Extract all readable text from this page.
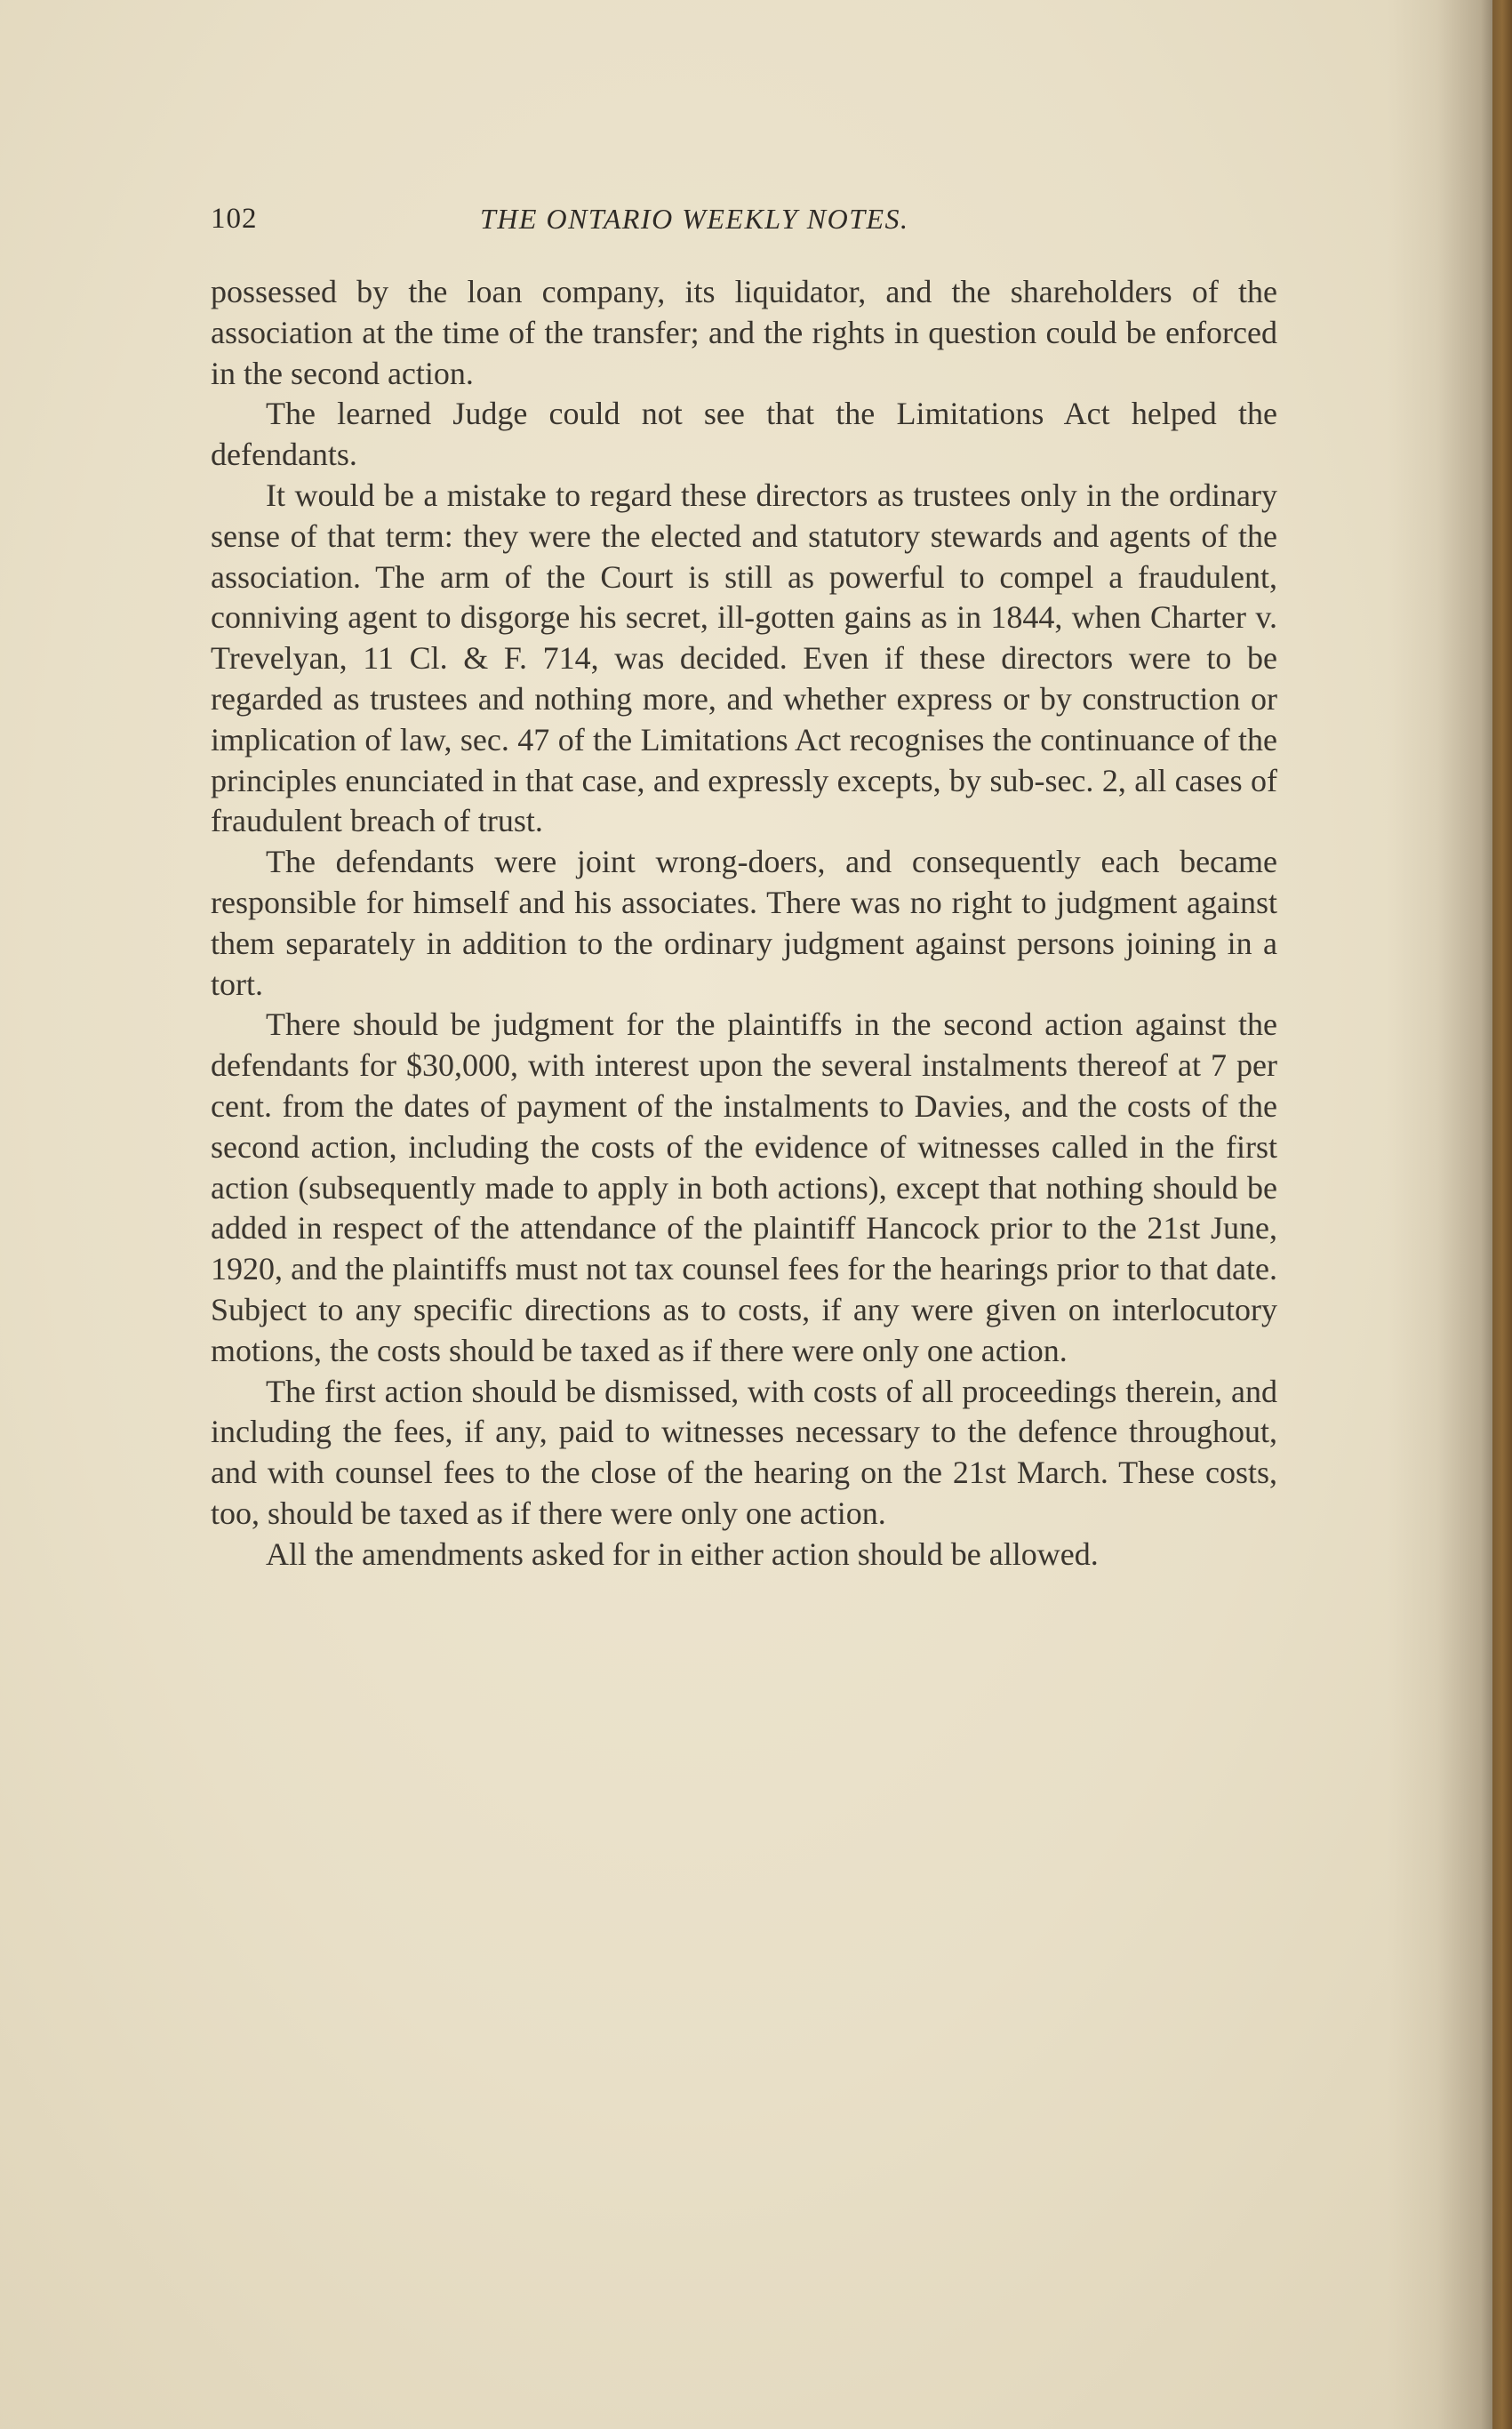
102	THE ONTARIO WEEKLY NOTES.

possessed by the loan company, its liquidator, and the shareholders of the association at the time of the transfer; and the rights in question could be enforced in the second action.

The learned Judge could not see that the Limitations Act helped the defendants.

It would be a mistake to regard these directors as trustees only in the ordinary sense of that term: they were the elected and statutory stewards and agents of the association. The arm of the Court is still as powerful to compel a fraudulent, conniving agent to disgorge his secret, ill-gotten gains as in 1844, when Charter v. Trevelyan, 11 Cl. & F. 714, was decided. Even if these directors were to be regarded as trustees and nothing more, and whether express or by construction or implication of law, sec. 47 of the Limitations Act recognises the continuance of the principles enunciated in that case, and expressly excepts, by sub-sec. 2, all cases of fraudulent breach of trust.

The defendants were joint wrong-doers, and consequently each became responsible for himself and his associates. There was no right to judgment against them separately in addition to the ordinary judgment against persons joining in a tort.

There should be judgment for the plaintiffs in the second action against the defendants for $30,000, with interest upon the several instalments thereof at 7 per cent. from the dates of payment of the instalments to Davies, and the costs of the second action, including the costs of the evidence of witnesses called in the first action (subsequently made to apply in both actions), except that nothing should be added in respect of the attendance of the plaintiff Hancock prior to the 21st June, 1920, and the plaintiffs must not tax counsel fees for the hearings prior to that date. Subject to any specific directions as to costs, if any were given on interlocutory motions, the costs should be taxed as if there were only one action.

The first action should be dismissed, with costs of all proceedings therein, and including the fees, if any, paid to witnesses necessary to the defence throughout, and with counsel fees to the close of the hearing on the 21st March. These costs, too, should be taxed as if there were only one action.

All the amendments asked for in either action should be allowed.
